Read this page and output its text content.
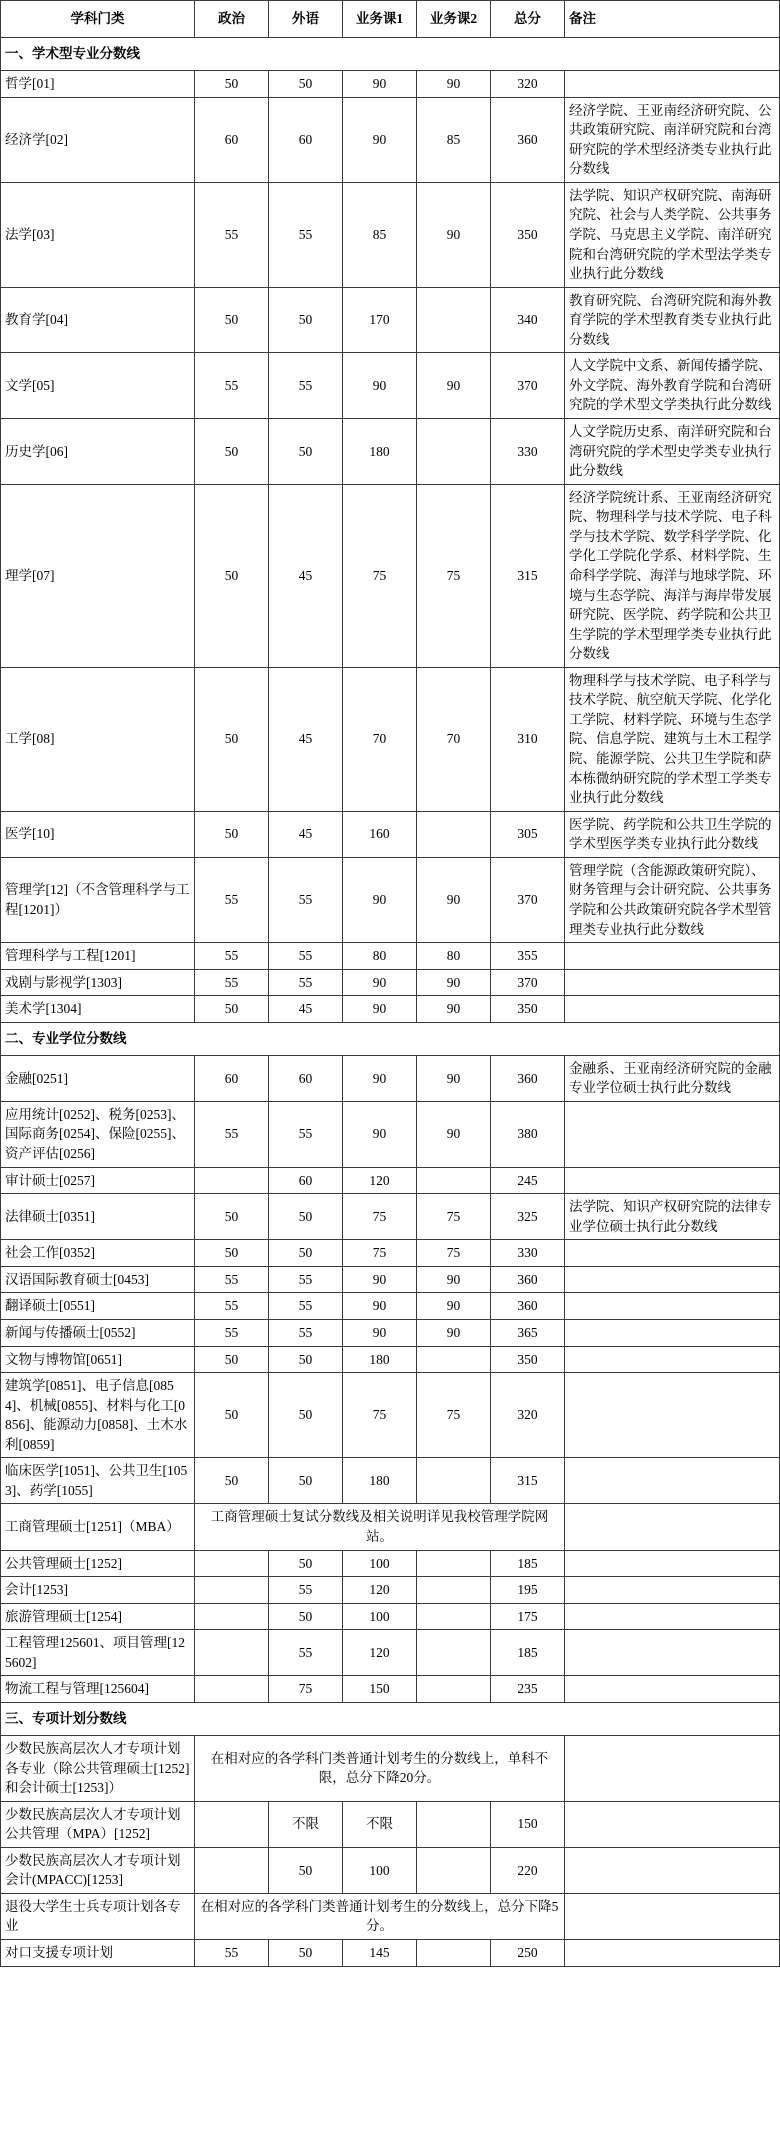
学科门类	政治	外语	业务课1	业务课2	总分	备注
一、学术型专业分数线						
哲学[01]	50	50	90	90	320	
经济学[02]	60	60	90	85	360	经济学院、王亚南经济研究院、公共政策研究院、南洋研究院和台湾研究院的学术型经济类专业执行此分数线
法学[03]	55	55	85	90	350	法学院、知识产权研究院、南海研究院、社会与人类学院、公共事务学院、马克思主义学院、南洋研究院和台湾研究院的学术型法学类专业执行此分数线
教育学[04]	50	50	170		340	教育研究院、台湾研究院和海外教育学院的学术型教育类专业执行此分数线
文学[05]	55	55	90	90	370	人文学院中文系、新闻传播学院、外文学院、海外教育学院和台湾研究院的学术型文学类执行此分数线
历史学[06]	50	50	180		330	人文学院历史系、南洋研究院和台湾研究院的学术型史学类专业执行此分数线
理学[07]	50	45	75	75	315	经济学院统计系、王亚南经济研究院、物理科学与技术学院、电子科学与技术学院、数学科学学院、化学化工学院化学系、材料学院、生命科学学院、海洋与地球学院、环境与生态学院、海洋与海岸带发展研究院、医学院、药学院和公共卫生学院的学术型理学类专业执行此分数线
工学[08]	50	45	70	70	310	物理科学与技术学院、电子科学与技术学院、航空航天学院、化学化工学院、材料学院、环境与生态学院、信息学院、建筑与土木工程学院、能源学院、公共卫生学院和萨本栋微纳研究院的学术型工学类专业执行此分数线
医学[10]	50	45	160		305	医学院、药学院和公共卫生学院的学术型医学类专业执行此分数线
管理学[12]（不含管理科学与工程[1201]）	55	55	90	90	370	管理学院（含能源政策研究院）、财务管理与会计研究院、公共事务学院和公共政策研究院各学术型管理类专业执行此分数线
管理科学与工程[1201]	55	55	80	80	355	
戏剧与影视学[1303]	55	55	90	90	370	
美术学[1304]	50	45	90	90	350	
二、专业学位分数线						
金融[0251]	60	60	90	90	360	金融系、王亚南经济研究院的金融专业学位硕士执行此分数线
应用统计[0252]、税务[0253]、国际商务[0254]、保险[0255]、资产评估[0256]	55	55	90	90	380	
审计硕士[0257]		60	120		245	
法律硕士[0351]	50	50	75	75	325	法学院、知识产权研究院的法律专业学位硕士执行此分数线
社会工作[0352]	50	50	75	75	330	
汉语国际教育硕士[0453]	55	55	90	90	360	
翻译硕士[0551]	55	55	90	90	360	
新闻与传播硕士[0552]	55	55	90	90	365	
文物与博物馆[0651]	50	50	180		350	
建筑学[0851]、电子信息[0854]、机械[0855]、材料与化工[0856]、能源动力[0858]、土木水利[0859]	50	50	75	75	320	
临床医学[1051]、公共卫生[1053]、药学[1055]	50	50	180		315	
工商管理硕士[1251]（MBA）	工商管理硕士复试分数线及相关说明详见我校管理学院网站。					
公共管理硕士[1252]		50	100		185	
会计[1253]		55	120		195	
旅游管理硕士[1254]		50	100		175	
工程管理125601、项目管理[125602]		55	120		185	
物流工程与管理[125604]		75	150		235	
三、专项计划分数线						
少数民族高层次人才专项计划各专业（除公共管理硕士[1252]和会计硕士[1253]）	在相对应的各学科门类普通计划考生的分数线上，单科不限，总分下降20分。					
少数民族高层次人才专项计划公共管理（MPA）[1252]		不限	不限		150	
少数民族高层次人才专项计划会计(MPACC)[1253]		50	100		220	
退役大学生士兵专项计划各专业	在相对应的各学科门类普通计划考生的分数线上，总分下降5分。					
对口支援专项计划	55	50	145		250	
